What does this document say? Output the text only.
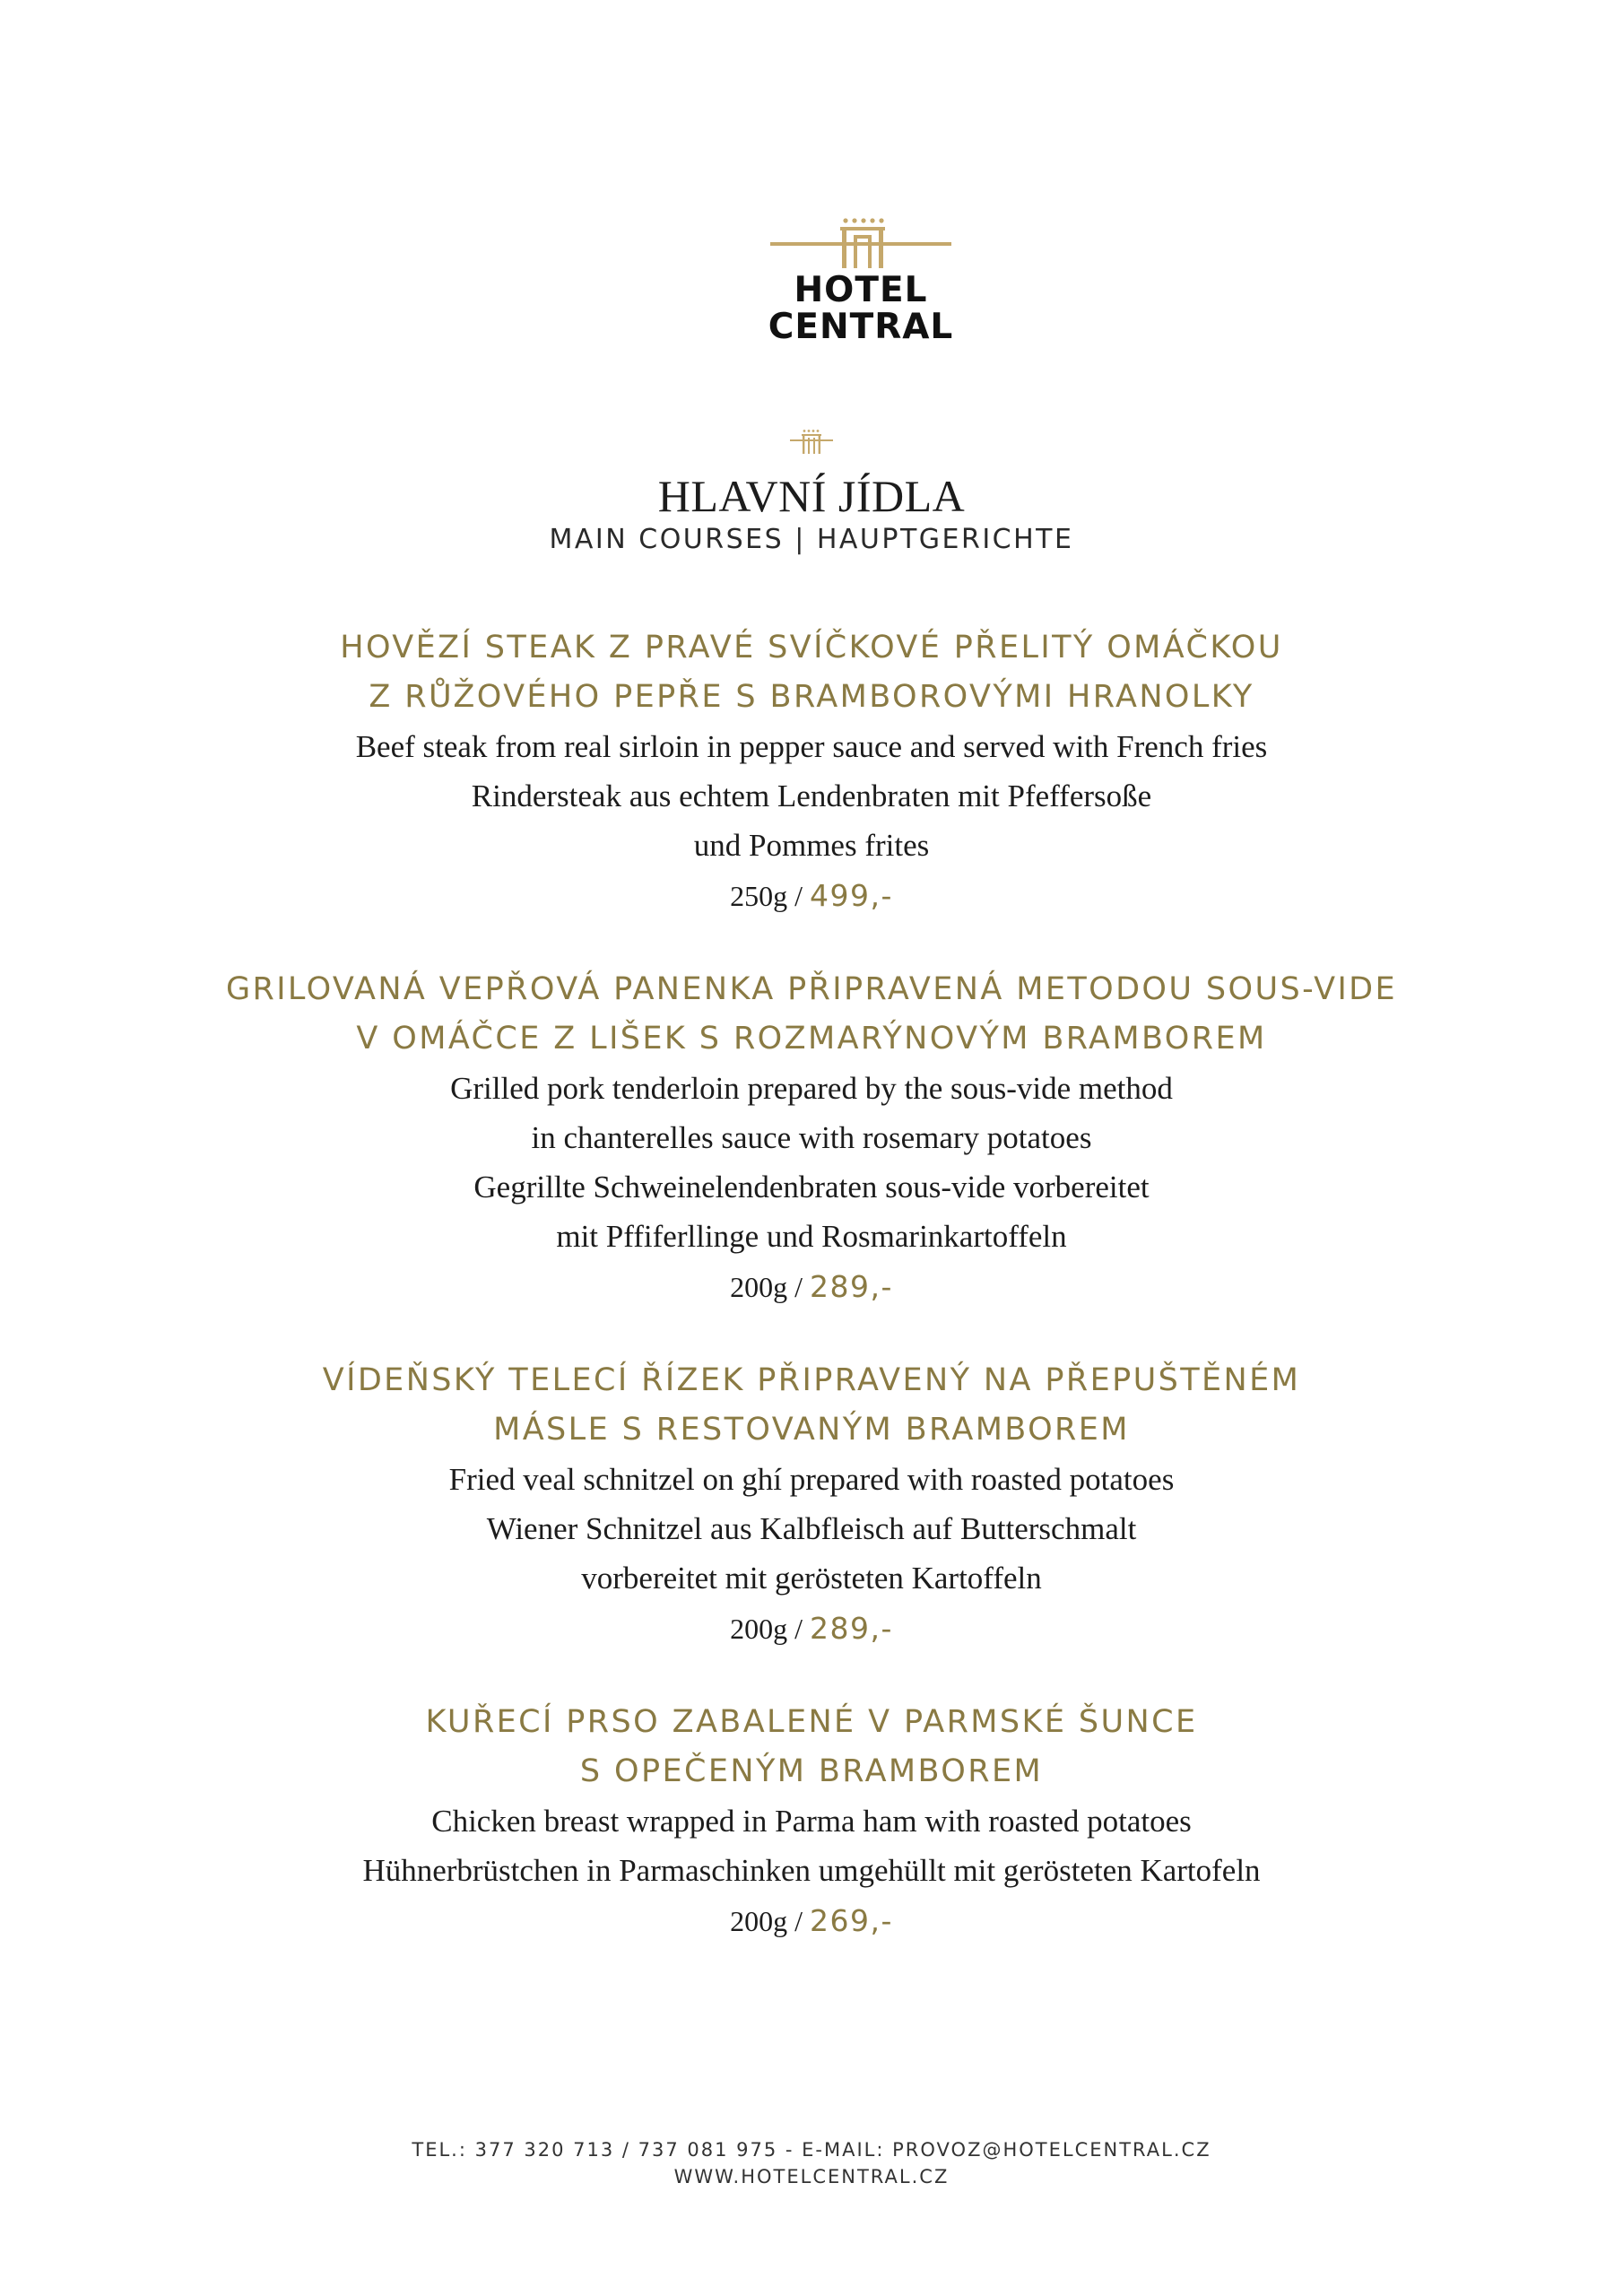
HOTEL
CENTRAL
HLAVNÍ JÍDLA
MAIN COURSES | HAUPTGERICHTE
HOVĚZÍ STEAK Z PRAVÉ SVÍČKOVÉ PŘELITÝ OMÁČKOU
Z RŮŽOVÉHO PEPŘE S BRAMBOROVÝMI HRANOLKY
Beef steak from real sirloin in pepper sauce and served with French fries
Rindersteak aus echtem Lendenbraten mit Pfeffersoße
und Pommes frites
250g / 499,-
GRILOVANÁ VEPŘOVÁ PANENKA PŘIPRAVENÁ METODOU SOUS-VIDE
V OMÁČCE Z LIŠEK S ROZMARÝNOVÝM BRAMBOREM
Grilled pork tenderloin prepared by the sous-vide method
in chanterelles sauce with rosemary potatoes
Gegrillte Schweinelendenbraten sous-vide vorbereitet
mit Pffiferllinge und Rosmarinkartoffeln
200g / 289,-
VÍDEŇSKÝ TELECÍ ŘÍZEK PŘIPRAVENÝ NA PŘEPUŠTĚNÉM
MÁSLE S RESTOVANÝM BRAMBOREM
Fried veal schnitzel on ghí prepared with roasted potatoes
Wiener Schnitzel aus Kalbfleisch auf Butterschmalt
vorbereitet mit gerösteten Kartoffeln
200g / 289,-
KUŘECÍ PRSO ZABALENÉ V PARMSKÉ ŠUNCE
S OPEČENÝM BRAMBOREM
Chicken breast wrapped in Parma ham with roasted potatoes
Hühnerbrüstchen in Parmaschinken umgehüllt mit gerösteten Kartofeln
200g / 269,-
TEL.: 377 320 713 / 737 081 975 - E-MAIL: PROVOZ@HOTELCENTRAL.CZ
WWW.HOTELCENTRAL.CZ
